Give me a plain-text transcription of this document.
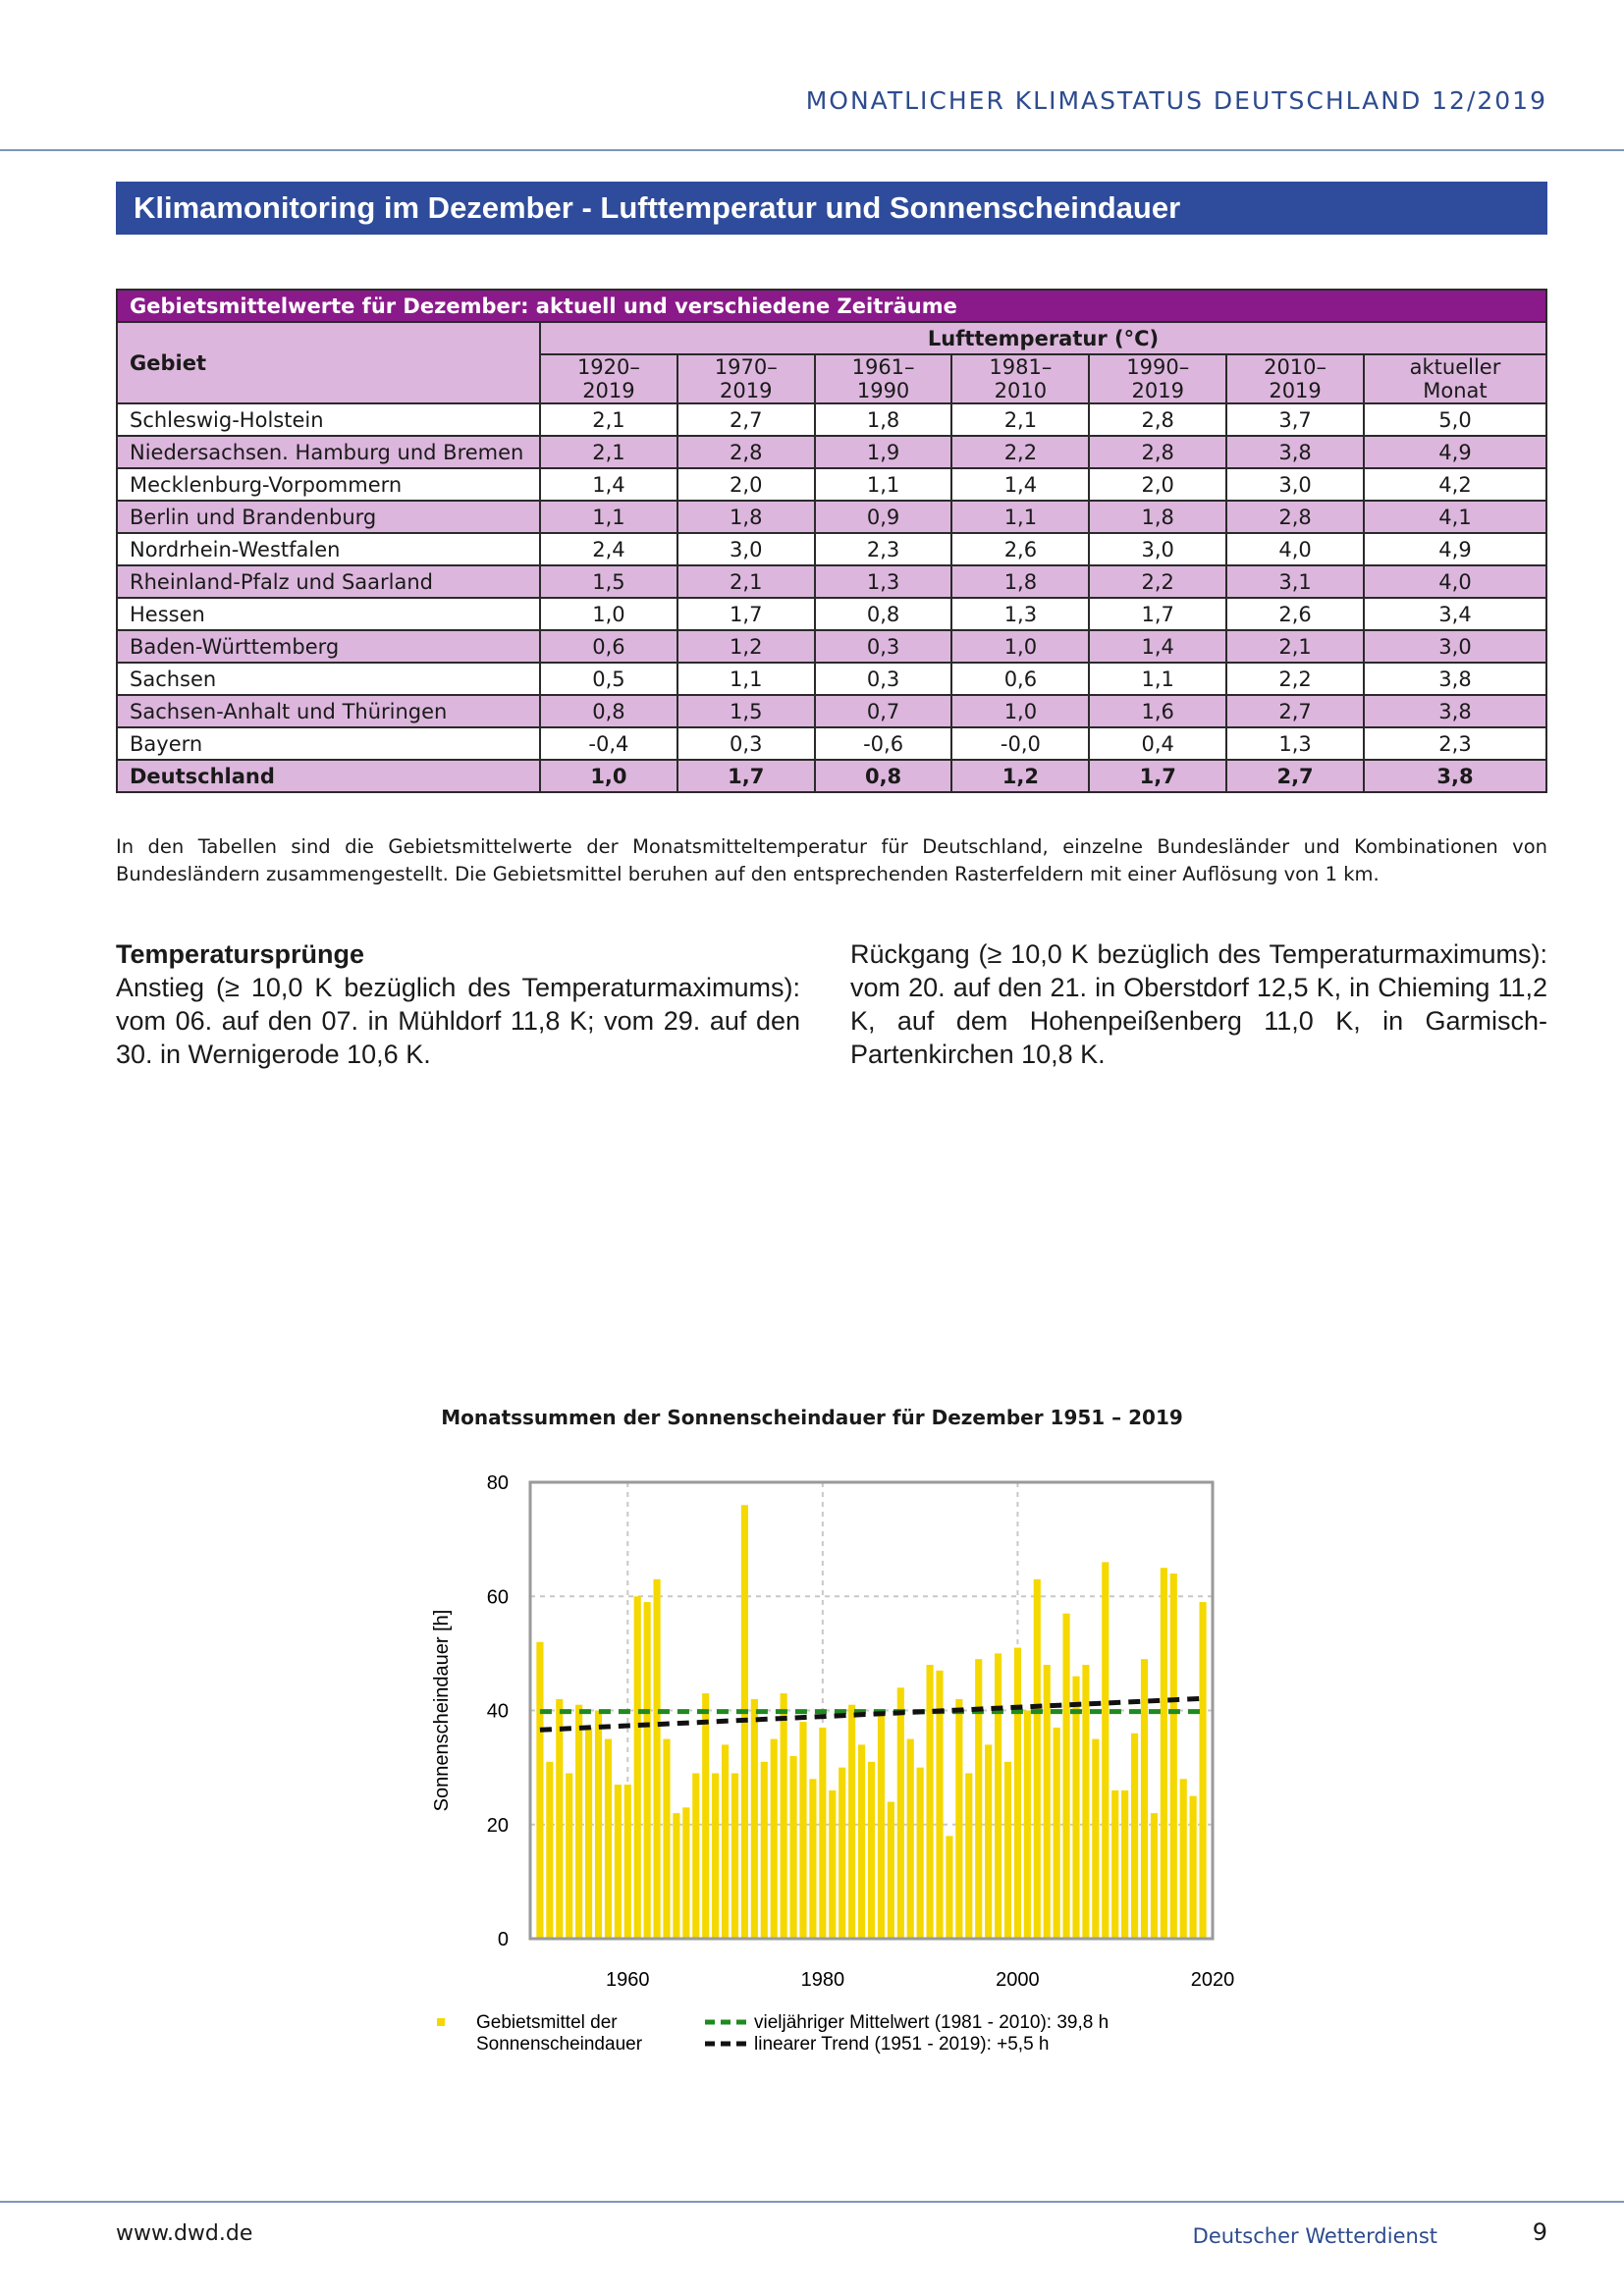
MONATLICHER KLIMASTATUS DEUTSCHLAND 12/2019
Klimamonitoring im Dezember - Lufttemperatur und Sonnenscheindauer
Gebietsmittelwerte für Dezember: aktuell und verschiedene Zeiträume							
Gebiet	Lufttemperatur (°C)						
	1920–2019	1970–2019	1961–1990	1981–2010	1990–2019	2010–2019	aktueller Monat
Schleswig-Holstein	2,1	2,7	1,8	2,1	2,8	3,7	5,0
Niedersachsen. Hamburg und Bremen	2,1	2,8	1,9	2,2	2,8	3,8	4,9
Mecklenburg-Vorpommern	1,4	2,0	1,1	1,4	2,0	3,0	4,2
Berlin und Brandenburg	1,1	1,8	0,9	1,1	1,8	2,8	4,1
Nordrhein-Westfalen	2,4	3,0	2,3	2,6	3,0	4,0	4,9
Rheinland-Pfalz und Saarland	1,5	2,1	1,3	1,8	2,2	3,1	4,0
Hessen	1,0	1,7	0,8	1,3	1,7	2,6	3,4
Baden-Württemberg	0,6	1,2	0,3	1,0	1,4	2,1	3,0
Sachsen	0,5	1,1	0,3	0,6	1,1	2,2	3,8
Sachsen-Anhalt und Thüringen	0,8	1,5	0,7	1,0	1,6	2,7	3,8
Bayern	-0,4	0,3	-0,6	-0,0	0,4	1,3	2,3
Deutschland	1,0	1,7	0,8	1,2	1,7	2,7	3,8
In den Tabellen sind die Gebietsmittelwerte der Monatsmitteltemperatur für Deutschland, einzelne Bundesländer und Kombinationen von Bundesländern zusammengestellt. Die Gebietsmittel beruhen auf den entsprechenden Rasterfeldern mit einer Auflösung von 1 km.
Temperatursprünge

Anstieg (≥ 10,0 K bezüglich des Temperaturmaximums): vom 06. auf den 07. in Mühldorf 11,8 K; vom 29. auf den 30. in Wernigerode 10,6 K.

Rückgang (≥ 10,0 K bezüglich des Temperaturmaximums): vom 20. auf den 21. in Oberstdorf 12,5 K, in Chieming 11,2 K, auf dem Hohenpeißenberg 11,0 K, in Garmisch-Partenkirchen 10,8 K.

Monatssummen der Sonnenscheindauer für Dezember 1951 – 2019
0
20
40
60
80
1960	1980	2000	2020
Sonnenscheindauer [h]
Gebietsmittel der Sonnenscheindauer
vieljähriger Mittelwert (1981 - 2010): 39,8 h
linearer Trend (1951 - 2019): +5,5 h
www.dwd.de	Deutscher Wetterdienst	9
